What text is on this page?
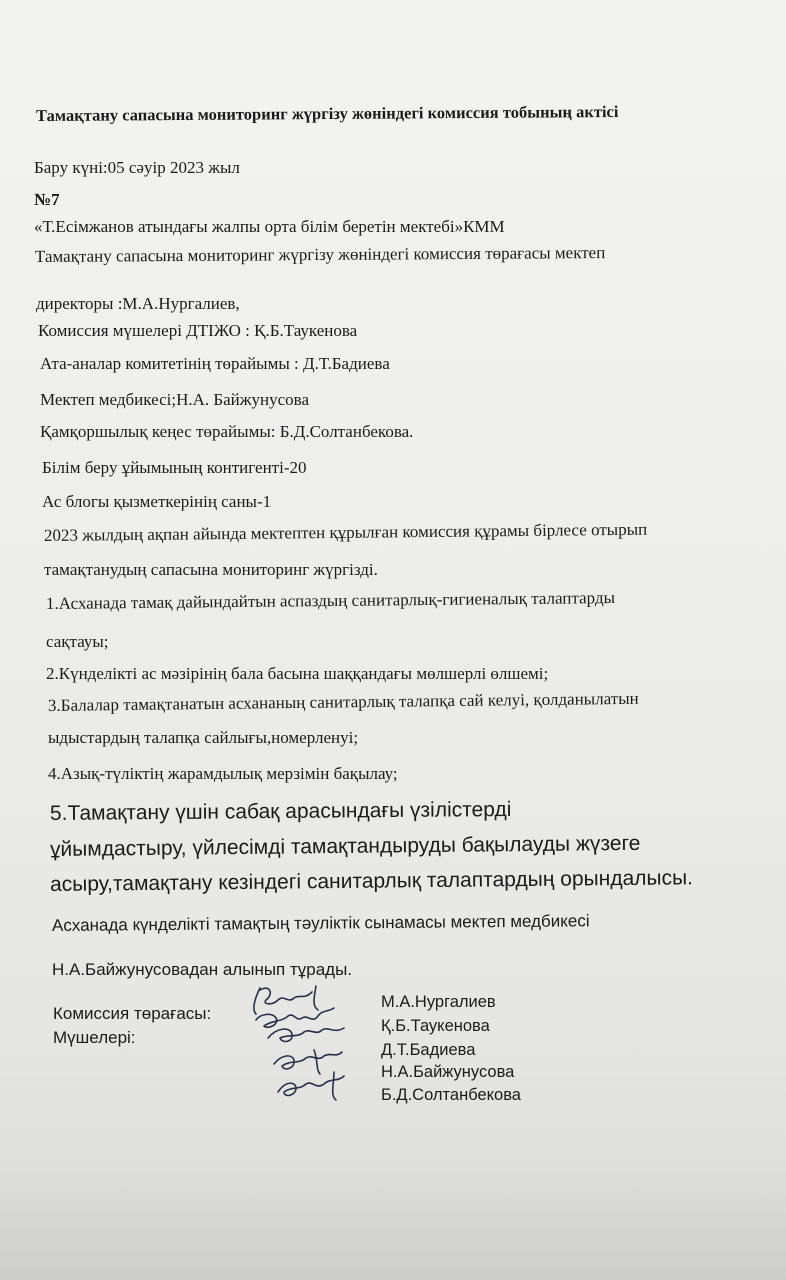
Тамақтану сапасына мониторинг жүргізу жөніндегі комиссия тобының актісі
Бару күні:05 сәуір 2023 жыл
№7
«Т.Есімжанов атындағы жалпы орта білім беретін мектебі»КММ
Тамақтану сапасына мониторинг жүргізу жөніндегі комиссия төрағасы мектеп
директоры :М.А.Нургалиев,
Комиссия мүшелері ДТІЖО : Қ.Б.Таукенова
Ата-аналар комитетінің төрайымы : Д.Т.Бадиева
Мектеп медбикесі;Н.А. Байжунусова
Қамқоршылық кеңес төрайымы: Б.Д.Солтанбекова.
Білім беру ұйымының контигенті-20
Ас блогы қызметкерінің саны-1
2023 жылдың ақпан айында мектептен құрылған комиссия құрамы бірлесе отырып
тамақтанудың сапасына мониторинг жүргізді.
1.Асханада тамақ дайындайтын аспаздың санитарлық-гигиеналық талаптарды
сақтауы;
2.Күнделікті ас мәзірінің бала басына шаққандағы мөлшерлі өлшемі;
3.Балалар тамақтанатын асхананың санитарлық талапқа сай келуі, қолданылатын
ыдыстардың талапқа сайлығы,номерленуі;
4.Азық-түліктің жарамдылық мерзімін бақылау;
5.Тамақтану үшін сабақ арасындағы үзілістерді
ұйымдастыру, үйлесімді тамақтандыруды бақылауды жүзеге
асыру,тамақтану кезіндегі санитарлық талаптардың орындалысы.
Асханада күнделікті тамақтың тәуліктік сынамасы мектеп медбикесі
Н.А.Байжунусовадан алынып тұрады.
Комиссия төрағасы:
Мүшелері:
М.А.Нургалиев
Қ.Б.Таукенова
Д.Т.Бадиева
Н.А.Байжунусова
Б.Д.Солтанбекова
